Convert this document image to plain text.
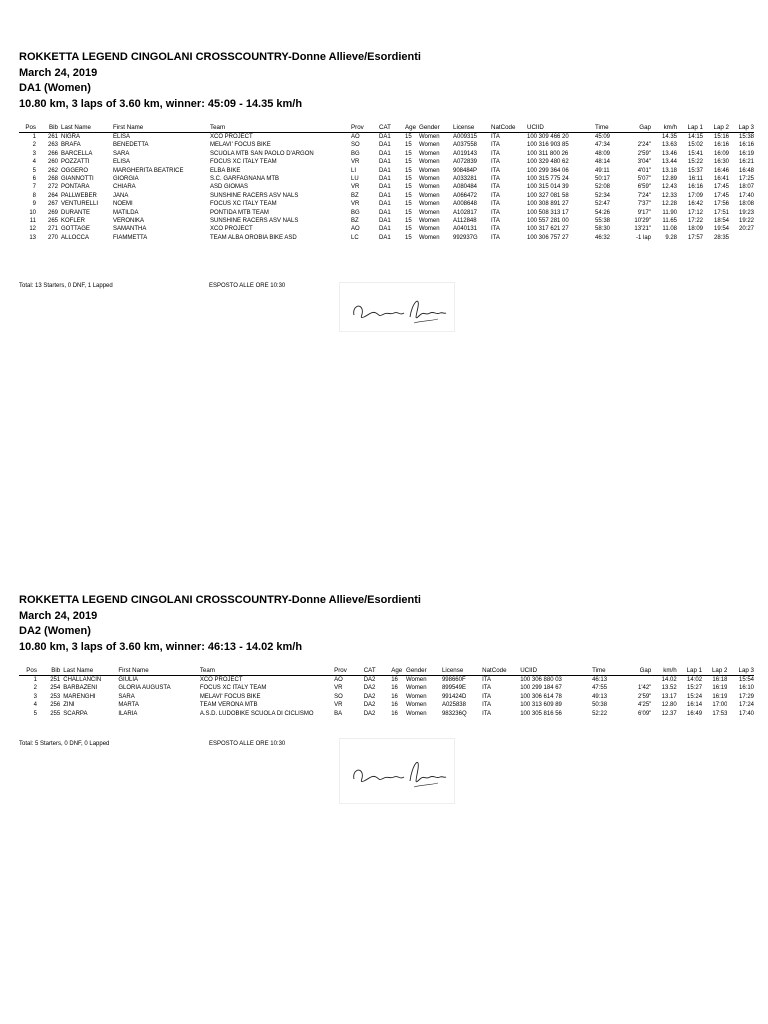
ROKKETTA LEGEND CINGOLANI CROSSCOUNTRY-Donne Allieve/Esordienti
March 24, 2019
DA1 (Women)
10.80 km, 3 laps of 3.60 km, winner: 45:09 - 14.35 km/h
Pos	Bib	Last Name	First Name	Team	Prov	CAT	Age	Gender	License	NatCode	UCIID	Time	Gap	km/h	Lap 1	Lap 2	Lap 3
1	261	NIGRA	ELISA	XCO PROJECT	AO	DA1	15	Women	A009315	ITA	100 309 466 20	45:09		14.35	14:15	15:16	15:38
2	263	BRAFA	BENEDETTA	MELAVI' FOCUS BIKE	SO	DA1	15	Women	A037558	ITA	100 316 903 85	47:34	2'24"	13.63	15:02	16:16	16:16
3	266	BARCELLA	SARA	SCUOLA MTB SAN PAOLO D'ARGON	BG	DA1	15	Women	A019143	ITA	100 311 800 26	48:09	2'59"	13.46	15:41	16:09	16:19
4	260	POZZATTI	ELISA	FOCUS XC ITALY TEAM	VR	DA1	15	Women	A072839	ITA	100 329 480 62	48:14	3'04"	13.44	15:22	16:30	16:21
5	262	OGGERO	MARGHERITA BEATRICE	ELBA BIKE	LI	DA1	15	Women	908484P	ITA	100 299 364 06	49:11	4'01"	13.18	15:37	16:46	16:48
6	268	GIANNOTTI	GIORGIA	S.C. GARFAGNANA MTB	LU	DA1	15	Women	A033281	ITA	100 315 775 24	50:17	5'07"	12.89	16:11	16:41	17:25
7	272	PONTARA	CHIARA	ASD GIOMAS	VR	DA1	15	Women	A080484	ITA	100 315 014 39	52:08	6'59"	12.43	16:16	17:45	18:07
8	264	PALLWEBER	JANA	SUNSHINE RACERS ASV NALS	BZ	DA1	15	Women	A066472	ITA	100 327 081 58	52:34	7'24"	12.33	17:09	17:45	17:40
9	267	VENTURELLI	NOEMI	FOCUS XC ITALY TEAM	VR	DA1	15	Women	A008648	ITA	100 308 891 27	52:47	7'37"	12.28	16:42	17:56	18:08
10	269	DURANTE	MATILDA	PONTIDA MTB TEAM	BG	DA1	15	Women	A102817	ITA	100 508 313 17	54:26	9'17"	11.90	17:12	17:51	19:23
11	265	KOFLER	VERONIKA	SUNSHINE RACERS ASV NALS	BZ	DA1	15	Women	A112848	ITA	100 557 281 00	55:38	10'29"	11.65	17:22	18:54	19:22
12	271	GOTTAGE	SAMANTHA	XCO PROJECT	AO	DA1	15	Women	A040131	ITA	100 317 621 27	58:30	13'21"	11.08	18:09	19:54	20:27
13	270	ALLOCCA	FIAMMETTA	TEAM ALBA OROBIA BIKE ASD	LC	DA1	15	Women	992937G	ITA	100 306 757 27	46:32	-1 lap	9.28	17:57	28:35	
Total: 13 Starters, 0 DNF, 1 Lapped	ESPOSTO ALLE ORE 10:30
ROKKETTA LEGEND CINGOLANI CROSSCOUNTRY-Donne Allieve/Esordienti
March 24, 2019
DA2 (Women)
10.80 km, 3 laps of 3.60 km, winner: 46:13 - 14.02 km/h
Pos	Bib	Last Name	First Name	Team	Prov	CAT	Age	Gender	License	NatCode	UCIID	Time	Gap	km/h	Lap 1	Lap 2	Lap 3
1	251	CHALLANCIN	GIULIA	XCO PROJECT	AO	DA2	16	Women	998660F	ITA	100 306 880 03	46:13		14.02	14:02	16:18	15:54
2	254	BARBAZENI	GLORIA AUGUSTA	FOCUS XC ITALY TEAM	VR	DA2	16	Women	899549E	ITA	100 299 184 67	47:55	1'42"	13.52	15:27	16:19	16:10
3	253	MARENGHI	SARA	MELAVI' FOCUS BIKE	SO	DA2	16	Women	991424D	ITA	100 306 614 78	49:13	2'59"	13.17	15:24	16:19	17:29
4	256	ZINI	MARTA	TEAM VERONA MTB	VR	DA2	16	Women	A025838	ITA	100 313 609 89	50:38	4'25"	12.80	16:14	17:00	17:24
5	255	SCARPA	ILARIA	A.S.D. LUDOBIKE SCUOLA DI CICLISMO	BA	DA2	16	Women	983236Q	ITA	100 305 816 56	52:22	6'09"	12.37	16:49	17:53	17:40
Total: 5 Starters, 0 DNF, 0 Lapped	ESPOSTO ALLE ORE 10:30
